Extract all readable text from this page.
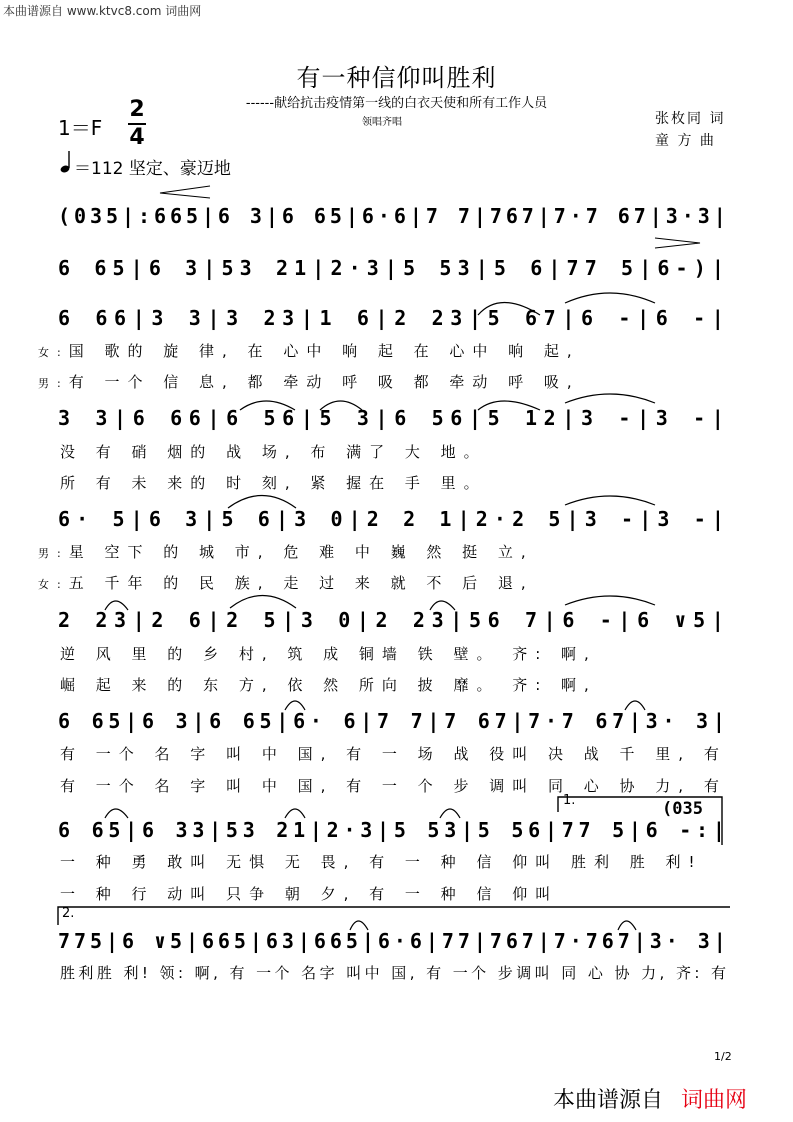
本曲谱源自 www.ktvc8.com 词曲网
有一种信仰叫胜利
------献给抗击疫情第一线的白衣天使和所有工作人员
领唱齐唱	张枚同 词
童 方 曲
1＝F
2
4
＝112 坚定、豪迈地
(035|:665|6 3|6 65|6·6|7 7|767|7·7 67|3·3|
6 65|6 3|53 21|2·3|5 53|5 6|77 5|6-)|
6 66|3 3|3 23|1 6|2 23|5 67|6 -|6 -|
女:国 歌的 旋 律, 在 心中 响 起 在 心中 响 起,
男:有 一个 信 息, 都 牵动 呼 吸 都 牵动 呼 吸,
3 3|6 66|6 56|5 3|6 56|5 12|3 -|3 -|
没 有 硝 烟的 战 场, 布 满了 大 地。
所 有 未 来的 时 刻, 紧 握在 手 里。
6· 5|6 3|5 6|3 0|2 2 1|2·2 5|3 -|3 -|
男:星 空下 的 城 市, 危 难 中 巍 然 挺 立,
女:五 千年 的 民 族, 走 过 来 就 不 后 退,
2 23|2 6|2 5|3 0|2 23|56 7|6 -|6 ∨5|
逆 风 里 的 乡 村, 筑 成 铜墙 铁 壁。 齐: 啊,
崛 起 来 的 东 方, 依 然 所向 披 靡。 齐: 啊,
6 65|6 3|6 65|6· 6|7 7|7 67|7·7 67|3· 3|
有 一个 名 字 叫 中 国, 有 一 场 战 役叫 决 战 千 里, 有
有 一个 名 字 叫 中 国, 有 一 个 步 调叫 同 心 协 力, 有
1.	(035
6 65|6 33|53 21|2·3|5 53|5 56|77 5|6 -:|
一 种 勇 敢叫 无惧 无 畏, 有 一 种 信 仰叫 胜利 胜 利!
一 种 行 动叫 只争 朝 夕, 有 一 种 信 仰叫
2.
775|6 ∨5|665|63|665|6·6|77|767|7·767|3· 3|
胜利胜 利! 领: 啊, 有 一个 名字 叫中 国, 有 一个 步调叫 同 心 协 力, 齐: 有
1/2
本曲谱源自 词曲网
